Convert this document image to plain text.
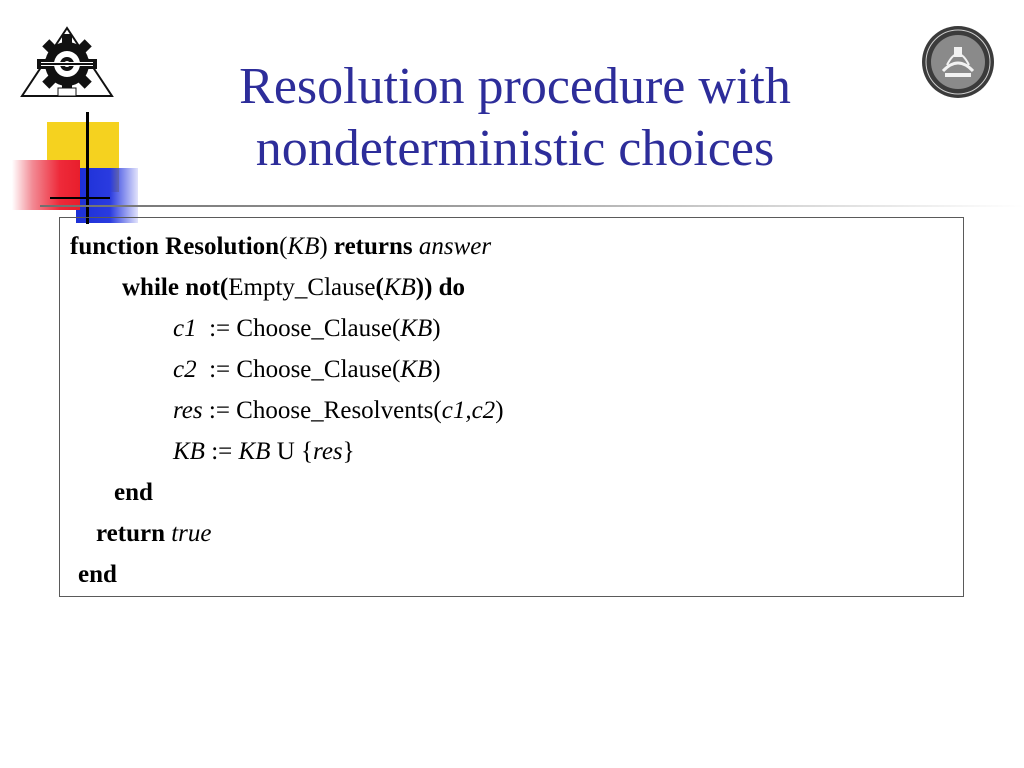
Resolution procedure with
nondeterministic choices
function Resolution(KB) returns answer
while not(Empty_Clause(KB)) do
c1  := Choose_Clause(KB)
c2  := Choose_Clause(KB)
res := Choose_Resolvents(c1,c2)
KB := KB U {res}
end
return true
end
